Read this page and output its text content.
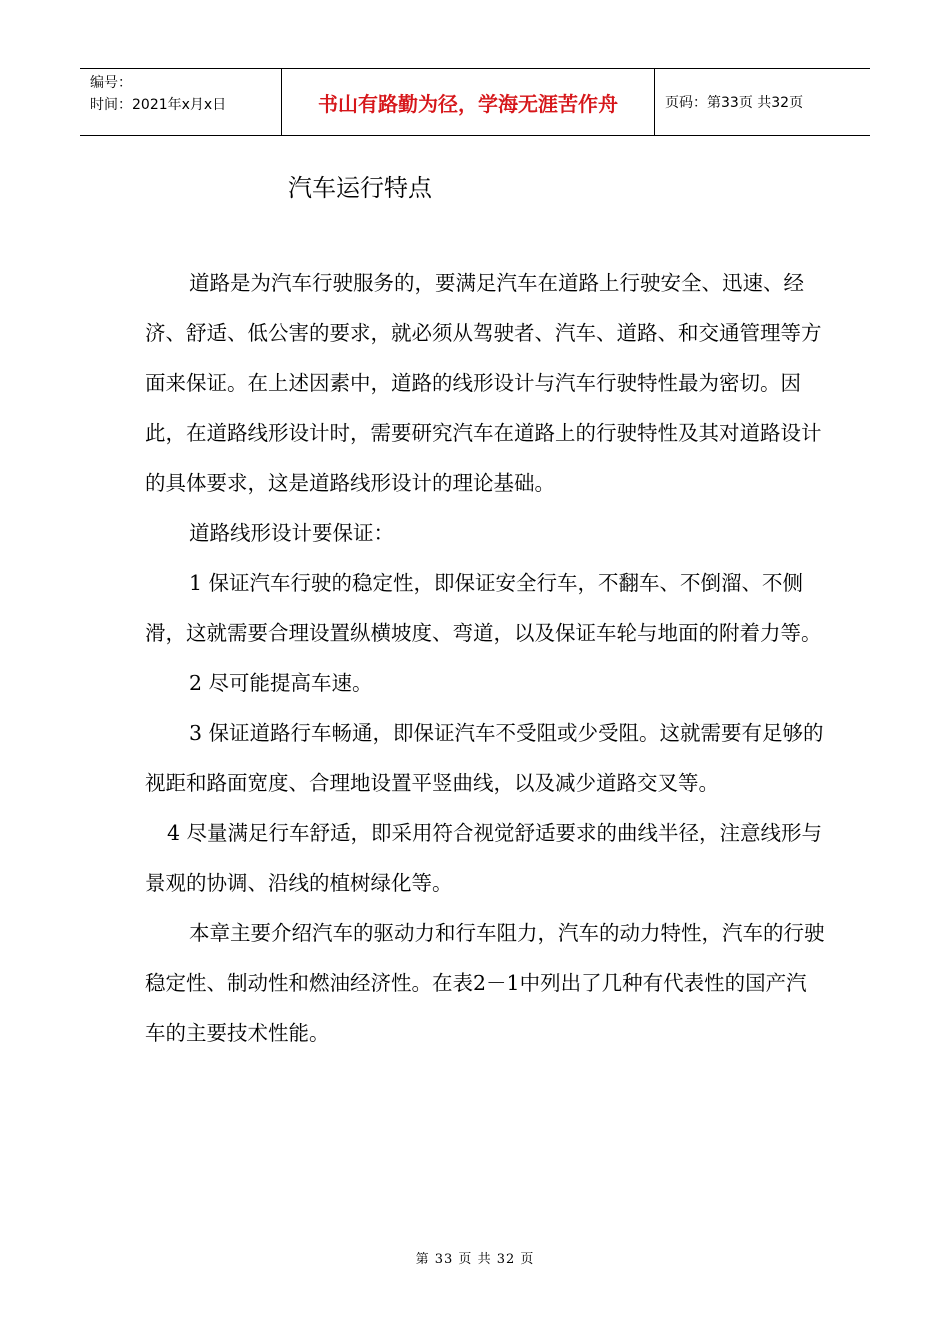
编号：
时间：2021年x月x日	书山有路勤为径，学海无涯苦作舟	页码：第33页 共32页
汽车运行特点

道路是为汽车行驶服务的，要满足汽车在道路上行驶安全、迅速、经济、舒适、低公害的要求，就必须从驾驶者、汽车、道路、和交通管理等方面来保证。在上述因素中，道路的线形设计与汽车行驶特性最为密切。因此，在道路线形设计时，需要研究汽车在道路上的行驶特性及其对道路设计的具体要求，这是道路线形设计的理论基础。

道路线形设计要保证：

1 保证汽车行驶的稳定性，即保证安全行车，不翻车、不倒溜、不侧滑，这就需要合理设置纵横坡度、弯道，以及保证车轮与地面的附着力等。

2 尽可能提高车速。

3 保证道路行车畅通，即保证汽车不受阻或少受阻。这就需要有足够的视距和路面宽度、合理地设置平竖曲线，以及减少道路交叉等。

4 尽量满足行车舒适，即采用符合视觉舒适要求的曲线半径，注意线形与景观的协调、沿线的植树绿化等。

本章主要介绍汽车的驱动力和行车阻力，汽车的动力特性，汽车的行驶稳定性、制动性和燃油经济性。在表2－1中列出了几种有代表性的国产汽车的主要技术性能。

第 33 页 共 32 页
